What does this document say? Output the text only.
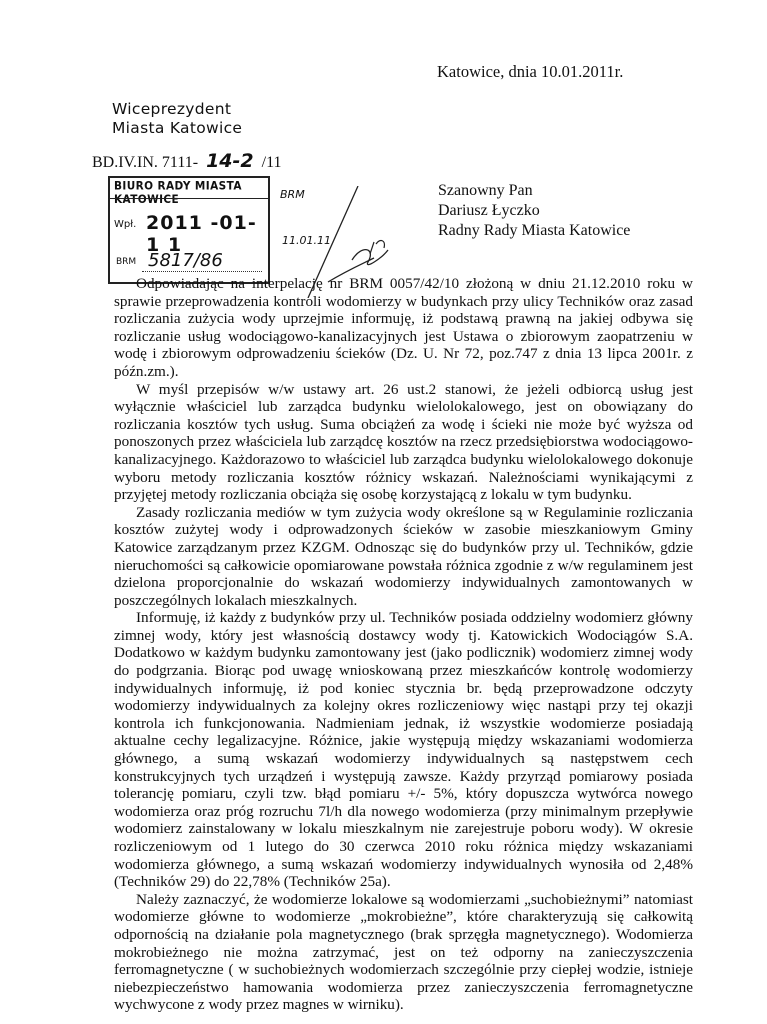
Katowice, dnia 10.01.2011r.
Wiceprezydent
Miasta Katowice
BD.IV.IN. 7111- 14-2 /11
BIURO RADY MIASTA KATOWICE
Wpł. 2011 -01- 1 1
BRM 5817/86
BRM
11.01.11
Szanowny Pan
Dariusz Łyczko
Radny Rady Miasta Katowice

Odpowiadając na interpelację nr BRM 0057/42/10 złożoną w dniu 21.12.2010 roku w sprawie przeprowadzenia kontroli wodomierzy w budynkach przy ulicy Techników oraz zasad rozliczania zużycia wody uprzejmie informuję, iż podstawą prawną na jakiej odbywa się rozliczanie usług wodociągowo-kanalizacyjnych jest Ustawa o zbiorowym zaopatrzeniu w wodę i zbiorowym odprowadzeniu ścieków (Dz. U. Nr 72, poz.747 z dnia 13 lipca 2001r. z późn.zm.).

W myśl przepisów w/w ustawy art. 26 ust.2 stanowi, że jeżeli odbiorcą usług jest wyłącznie właściciel lub zarządca budynku wielolokalowego, jest on obowiązany do rozliczania kosztów tych usług. Suma obciążeń za wodę i ścieki nie może być wyższa od ponoszonych przez właściciela lub zarządcę kosztów na rzecz przedsiębiorstwa wodociągowo-kanalizacyjnego. Każdorazowo to właściciel lub zarządca budynku wielolokalowego dokonuje wyboru metody rozliczania kosztów różnicy wskazań. Należnościami wynikającymi z przyjętej metody rozliczania obciąża się osobę korzystającą z lokalu w tym budynku.

Zasady rozliczania mediów w tym zużycia wody określone są w Regulaminie rozliczania kosztów zużytej wody i odprowadzonych ścieków w zasobie mieszkaniowym Gminy Katowice zarządzanym przez KZGM. Odnosząc się do budynków przy ul. Techników, gdzie nieruchomości są całkowicie opomiarowane powstała różnica zgodnie z w/w regulaminem jest dzielona proporcjonalnie do wskazań wodomierzy indywidualnych zamontowanych w poszczególnych lokalach mieszkalnych.

Informuję, iż każdy z budynków przy ul. Techników posiada oddzielny wodomierz główny zimnej wody, który jest własnością dostawcy wody tj. Katowickich Wodociągów S.A. Dodatkowo w każdym budynku zamontowany jest (jako podlicznik) wodomierz zimnej wody do podgrzania. Biorąc pod uwagę wnioskowaną przez mieszkańców kontrolę wodomierzy indywidualnych informuję, iż pod koniec stycznia br. będą przeprowadzone odczyty wodomierzy indywidualnych za kolejny okres rozliczeniowy więc nastąpi przy tej okazji kontrola ich funkcjonowania. Nadmieniam jednak, iż wszystkie wodomierze posiadają aktualne cechy legalizacyjne. Różnice, jakie występują między wskazaniami wodomierza głównego, a sumą wskazań wodomierzy indywidualnych są następstwem cech konstrukcyjnych tych urządzeń i występują zawsze. Każdy przyrząd pomiarowy posiada tolerancję pomiaru, czyli tzw. błąd pomiaru +/- 5%, który dopuszcza wytwórca nowego wodomierza oraz próg rozruchu 7l/h dla nowego wodomierza (przy minimalnym przepływie wodomierz zainstalowany w lokalu mieszkalnym nie zarejestruje poboru wody). W okresie rozliczeniowym od 1 lutego do 30 czerwca 2010 roku różnica między wskazaniami wodomierza głównego, a sumą wskazań wodomierzy indywidualnych wynosiła od 2,48% (Techników 29) do 22,78% (Techników 25a).

Należy zaznaczyć, że wodomierze lokalowe są wodomierzami „suchobieżnymi” natomiast wodomierze główne to wodomierze „mokrobieżne”, które charakteryzują się całkowitą odpornością na działanie pola magnetycznego (brak sprzęgła magnetycznego). Wodomierza mokrobieżnego nie można zatrzymać, jest on też odporny na zanieczyszczenia ferromagnetyczne ( w suchobieżnych wodomierzach szczególnie przy ciepłej wodzie, istnieje niebezpieczeństwo hamowania wodomierza przez zanieczyszczenia ferromagnetyczne wychwycone z wody przez magnes w wirniku).
